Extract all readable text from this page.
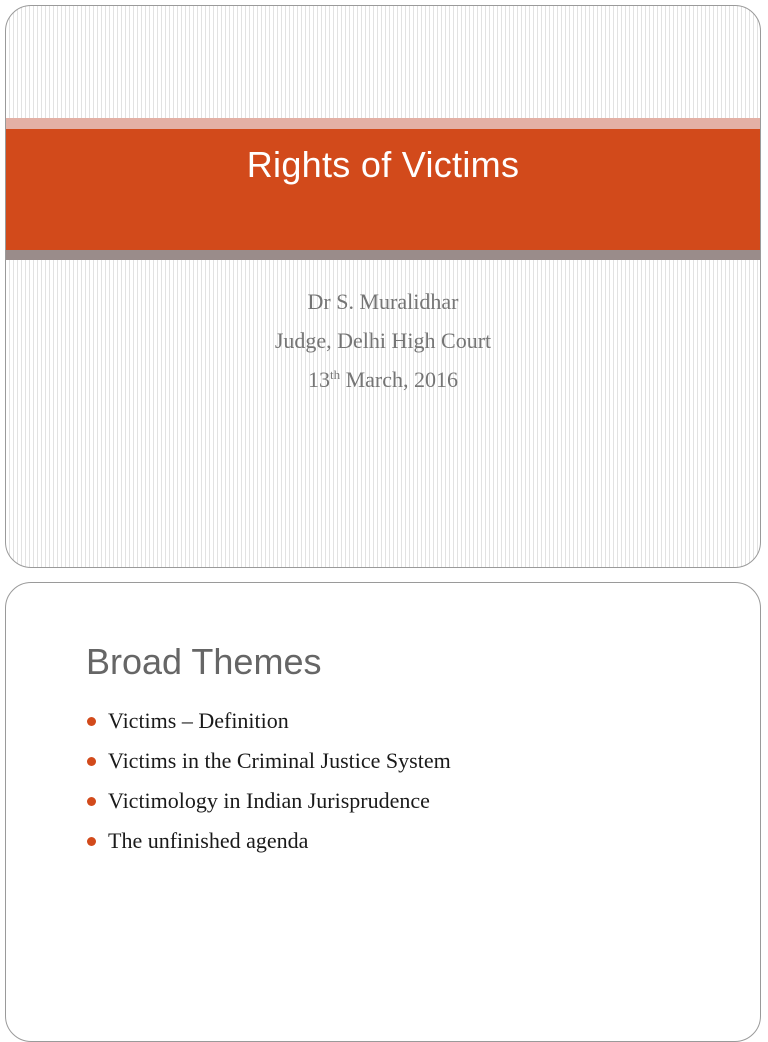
Rights of Victims
Dr S. Muralidhar
Judge, Delhi High Court
13th March, 2016
Broad Themes
Victims – Definition
Victims in the Criminal Justice System
Victimology in Indian Jurisprudence
The unfinished agenda
